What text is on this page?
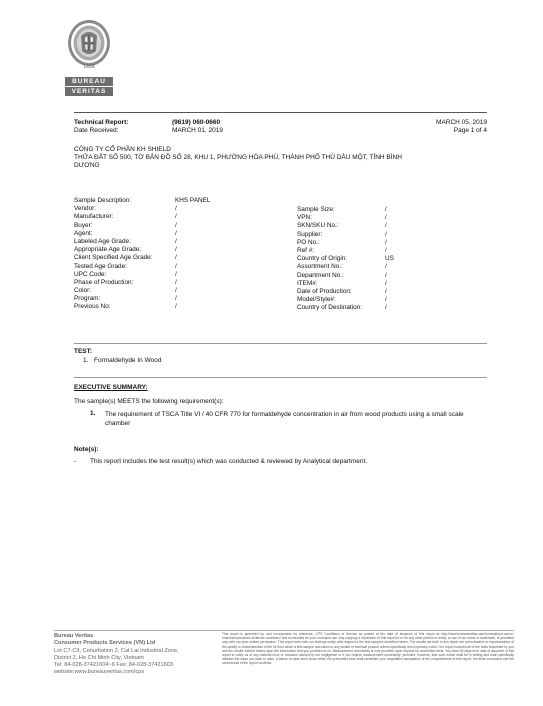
1828
BUREAU
VERITAS
Technical Report:	(9619) 060-0660	MARCH 05, 2019
Date Received:	MARCH 01, 2019	Page 1 of 4
CÔNG TY CỔ PHẦN KH SHIELD
THỬA ĐẤT SỐ 500, TỜ BẢN ĐỒ SỐ 28, KHU 1, PHƯỜNG HÒA PHÚ, THÀNH PHỐ THỦ DẦU MỘT, TỈNH BÌNH
DƯƠNG
Sample Description:	KHS PANEL
Vendor:	/
Manufacturer:	/
Buyer:	/
Agent:	/
Labeled Age Grade:	/
Appropriate Age Grade:	/
Client Specified Age Grade:	/
Tested Age Grade:	/
UPC Code:	/
Phase of Production:	/
Color:	/
Program:	/
Previous No:	/
Sample Size:	/
VPN:	/
SKN/SKU No.:	/
Supplier:	/
PO No.:	/
Ref #:	/
Country of Origin:	US
Assortment No.:	/
Department No.:	/
ITEM#:	/
Date of Production:	/
Model/Style#:	/
Country of Destination:	/
TEST:
1. Formaldehyde In Wood
EXECUTIVE SUMMARY:
The sample(s) MEETS the following requirement(s):
1. The requirement of TSCA Title VI / 40 CFR 770 for formaldehyde concentration in air from wood products using a small scale chamber
Note(s):
- This report includes the test result(s) which was conducted & reviewed by Analytical department.
Bureau Veritas
Consumer Products Services (VN) Ltd
Lot C7-C9, Conurbation 2, Cat Lai Industrial Zone,
District 2, Ho Chi Minh City, Vietnam
Tel: 84-028-37421604~6 Fax: 84-028-37421603
website:www.bureauveritas.com/cps
This report is governed by, and incorporates by reference, CPS Conditions of Service as posted at the date of issuance of this report at http://www.bureauveritas.com/home/about-us/our-business/cps/about-us/terms-conditions/ and is intended for your exclusive use. Any copying or replication of this report to or for any other person or entity, or use of our name or trademark, is permitted only with our prior written permission. This report sets forth our findings solely with respect to the test samples identified herein. The results set forth in this report are not indicative or representative of the quality or characteristics of the lot from which a test sample was taken or any similar or identical product unless specifically and expressly noted. Our report includes all of the tests requested by you and the results thereof based upon the information that you provided to us. Measurement uncertainty is only provided upon request for accredited tests. You have 60 days from date of issuance of this report to notify us of any material error or omission caused by our negligence or if you require measurement uncertainty; provided, however, that such notice shall be in writing and shall specifically address the issue you wish to raise. A failure to raise such issue within the prescribed time shall constitute your unqualified acceptance of the completeness of this report, the tests conducted and the correctness of the report contents.
